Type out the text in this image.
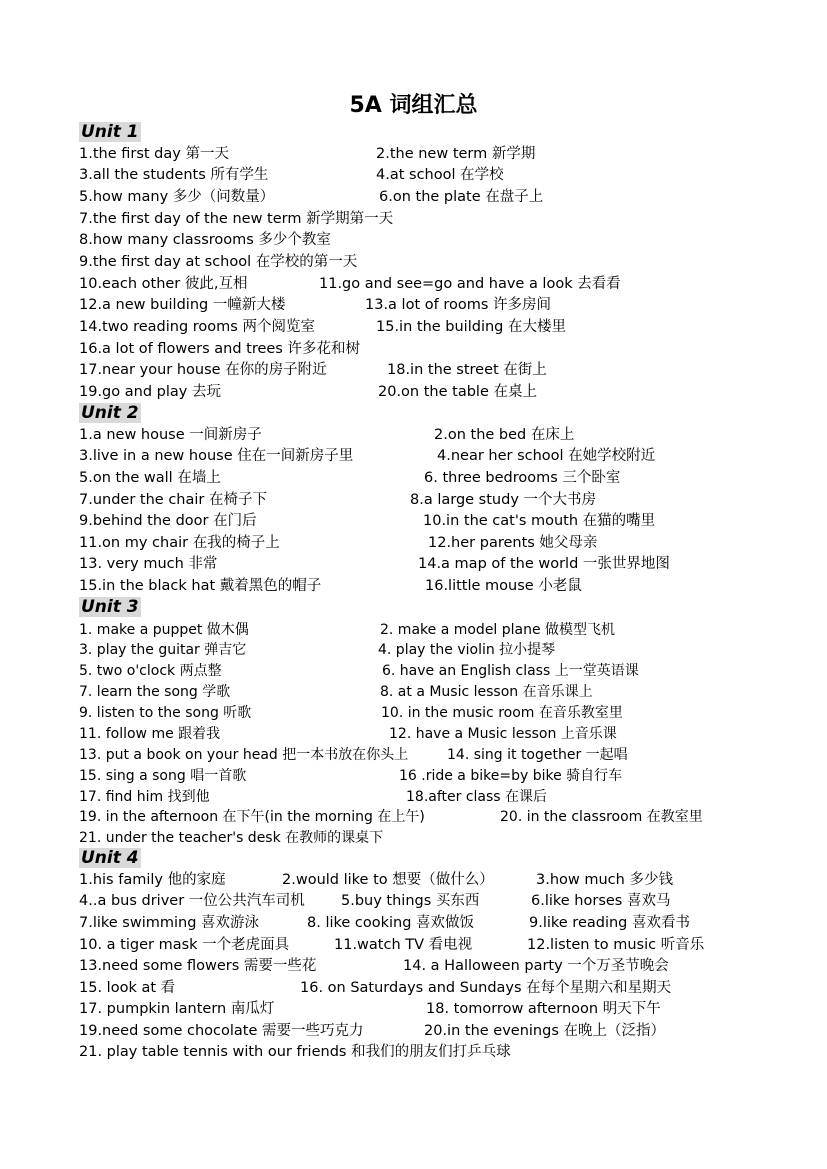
5A 词组汇总
Unit 1
1.the first day 第一天	2.the new term 新学期
3.all the students 所有学生	4.at school 在学校
5.how many 多少（问数量）	6.on the plate 在盘子上
7.the first day of the new term 新学期第一天
8.how many classrooms 多少个教室
9.the first day at school 在学校的第一天
10.each other 彼此,互相	11.go and see=go and have a look 去看看
12.a new building 一幢新大楼	13.a lot of rooms 许多房间
14.two reading rooms 两个阅览室	15.in the building 在大楼里
16.a lot of flowers and trees 许多花和树
17.near your house 在你的房子附近	18.in the street 在街上
19.go and play 去玩	20.on the table 在桌上
Unit 2
1.a new house 一间新房子	2.on the bed 在床上
3.live in a new house 住在一间新房子里	4.near her school 在她学校附近
5.on the wall 在墙上	6. three bedrooms 三个卧室
7.under the chair 在椅子下	8.a large study 一个大书房
9.behind the door 在门后	10.in the cat's mouth 在猫的嘴里
11.on my chair 在我的椅子上	12.her parents 她父母亲
13. very much 非常	14.a map of the world 一张世界地图
15.in the black hat 戴着黑色的帽子	16.little mouse 小老鼠
Unit 3
1. make a puppet 做木偶	2. make a model plane 做模型飞机
3. play the guitar 弹吉它	4. play the violin 拉小提琴
5. two o'clock 两点整	6. have an English class 上一堂英语课
7. learn the song 学歌	8. at a Music lesson 在音乐课上
9. listen to the song 听歌	10. in the music room 在音乐教室里
11. follow me 跟着我	12. have a Music lesson 上音乐课
13. put a book on your head 把一本书放在你头上	14. sing it together 一起唱
15. sing a song 唱一首歌	16 .ride a bike=by bike 骑自行车
17. find him 找到他	18.after class 在课后
19. in the afternoon 在下午(in the morning 在上午)	20. in the classroom 在教室里
21. under the teacher's desk 在教师的课桌下
Unit 4
1.his family 他的家庭	2.would like to 想要（做什么）	3.how much 多少钱
4..a bus driver 一位公共汽车司机 5.buy things 买东西	6.like horses 喜欢马
7.like swimming 喜欢游泳	8. like cooking 喜欢做饭	9.like reading 喜欢看书
10. a tiger mask 一个老虎面具	11.watch TV 看电视	12.listen to music 听音乐
13.need some flowers 需要一些花	14. a Halloween party 一个万圣节晚会
15. look at 看	16. on Saturdays and Sundays 在每个星期六和星期天
17. pumpkin lantern 南瓜灯	18. tomorrow afternoon 明天下午
19.need some chocolate 需要一些巧克力	20.in the evenings 在晚上（泛指）
21. play table tennis with our friends 和我们的朋友们打乒乓球
